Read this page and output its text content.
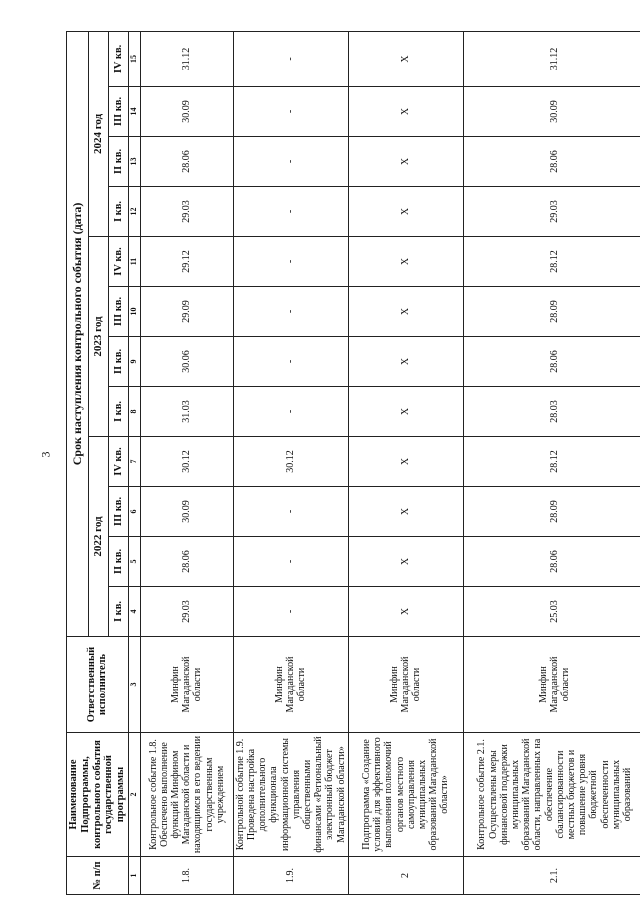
3
№ п/п	Наименование Подпрограммы, контрольного события государственной программы	Ответственный исполнитель	Срок наступления контрольного события (дата)											
			2022 год				2023 год				2024 год			
			I кв.	II кв.	III кв.	IV кв.	I кв.	II кв.	III кв.	IV кв.	I кв.	II кв.	III кв.	IV кв.
1	2	3	4	5	6	7	8	9	10	11	12	13	14	15
1.8.	Контрольное событие 1.8. Обеспечено выполнение функций Минфином Магаданской области и находящимся в его ведении государственным учреждением	Минфин Магаданской области	29.03	28.06	30.09	30.12	31.03	30.06	29.09	29.12	29.03	28.06	30.09	31.12
1.9.	Контрольной событие 1.9. Проведена настройка дополнительного функционала информационной системы управления общественными финансами «Региональный электронный бюджет Магаданской области»	Минфин Магаданской области	-	-	-	30.12	-	-	-	-	-	-	-	-
2	Подпрограмма «Создание условий для эффективного выполнения полномочий органов местного самоуправления муниципальных образований Магаданской области»	Минфин Магаданской области	Х	Х	Х	Х	Х	Х	Х	Х	Х	Х	Х	Х
2.1.	Контрольное событие 2.1. Осуществлены меры финансовой поддержки муниципальных образований Магаданской области, направленных на обеспечение сбалансированности местных бюджетов и повышение уровня бюджетной обеспеченности муниципальных образований	Минфин Магаданской области	25.03	28.06	28.09	28.12	28.03	28.06	28.09	28.12	29.03	28.06	30.09	31.12
